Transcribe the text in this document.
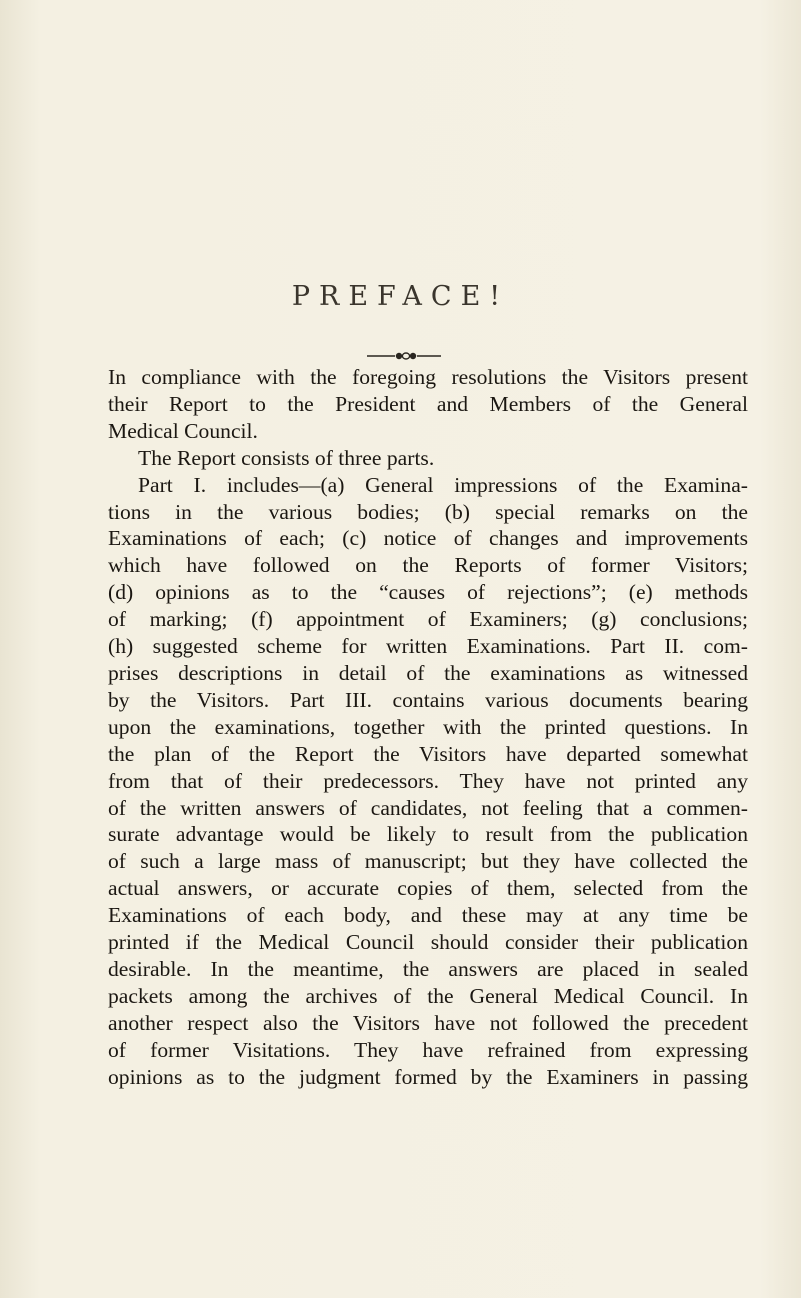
PREFACE!
In compliance with the foregoing resolutions the Visitors present
their Report to the President and Members of the General
Medical Council.
The Report consists of three parts.
Part I. includes—(a) General impressions of the Examina-
tions in the various bodies; (b) special remarks on the
Examinations of each; (c) notice of changes and improvements
which have followed on the Reports of former Visitors;
(d) opinions as to the “causes of rejections”; (e) methods
of marking; (f) appointment of Examiners; (g) conclusions;
(h) suggested scheme for written Examinations. Part II. com-
prises descriptions in detail of the examinations as witnessed
by the Visitors. Part III. contains various documents bearing
upon the examinations, together with the printed questions. In
the plan of the Report the Visitors have departed somewhat
from that of their predecessors. They have not printed any
of the written answers of candidates, not feeling that a commen-
surate advantage would be likely to result from the publication
of such a large mass of manuscript; but they have collected the
actual answers, or accurate copies of them, selected from the
Examinations of each body, and these may at any time be
printed if the Medical Council should consider their publication
desirable. In the meantime, the answers are placed in sealed
packets among the archives of the General Medical Council. In
another respect also the Visitors have not followed the precedent
of former Visitations. They have refrained from expressing
opinions as to the judgment formed by the Examiners in passing
